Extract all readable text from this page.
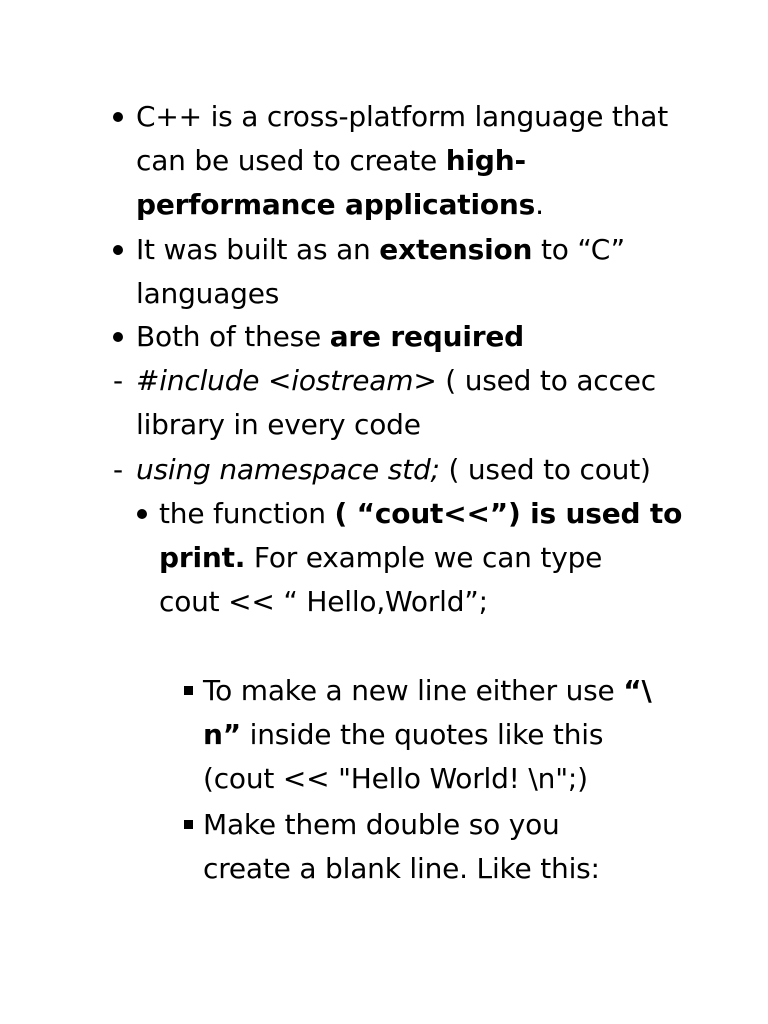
C++ is a cross-platform language that
can be used to create high-
performance applications.
It was built as an extension to “C”
languages
Both of these are required
- #include <iostream> ( used to accec
library in every code
- using namespace std; ( used to cout)
the function ( “cout<<”) is used to
print. For example we can type
cout << “ Hello,World”;
To make a new line either use “\
n” inside the quotes like this
(cout << "Hello World! \n";)
Make them double so you
create a blank line. Like this:
